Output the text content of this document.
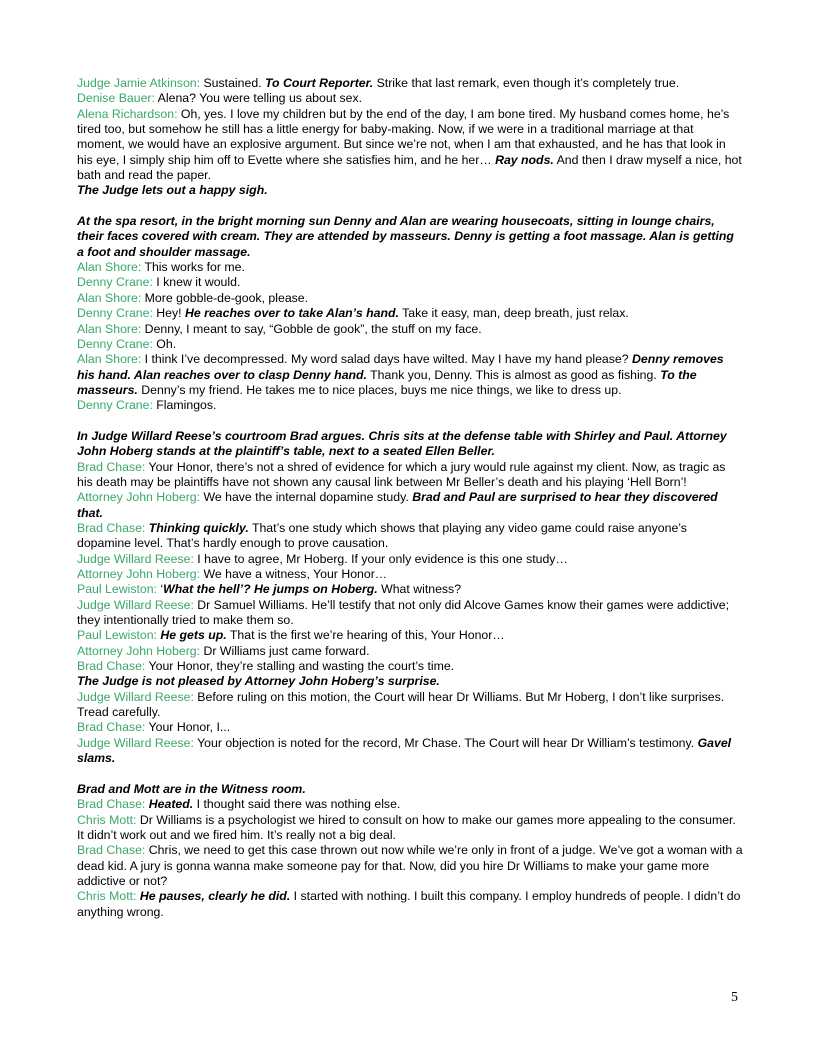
Judge Jamie Atkinson: Sustained. To Court Reporter. Strike that last remark, even though it’s completely true.

Denise Bauer: Alena? You were telling us about sex.

Alena Richardson: Oh, yes. I love my children but by the end of the day, I am bone tired. My husband comes home, he’s tired too, but somehow he still has a little energy for baby-making. Now, if we were in a traditional marriage at that moment, we would have an explosive argument. But since we’re not, when I am that exhausted, and he has that look in his eye, I simply ship him off to Evette where she satisfies him, and he her… Ray nods. And then I draw myself a nice, hot bath and read the paper.

The Judge lets out a happy sigh.

At the spa resort, in the bright morning sun Denny and Alan are wearing housecoats, sitting in lounge chairs, their faces covered with cream. They are attended by masseurs. Denny is getting a foot massage. Alan is getting a foot and shoulder massage.

Alan Shore: This works for me.

Denny Crane: I knew it would.

Alan Shore: More gobble-de-gook, please.

Denny Crane: Hey! He reaches over to take Alan’s hand. Take it easy, man, deep breath, just relax.

Alan Shore: Denny, I meant to say, “Gobble de gook”, the stuff on my face.

Denny Crane: Oh.

Alan Shore: I think I’ve decompressed. My word salad days have wilted. May I have my hand please? Denny removes his hand. Alan reaches over to clasp Denny hand. Thank you, Denny. This is almost as good as fishing. To the masseurs. Denny’s my friend. He takes me to nice places, buys me nice things, we like to dress up.

Denny Crane: Flamingos.

In Judge Willard Reese’s courtroom Brad argues. Chris sits at the defense table with Shirley and Paul. Attorney John Hoberg stands at the plaintiff’s table, next to a seated Ellen Beller.

Brad Chase: Your Honor, there’s not a shred of evidence for which a jury would rule against my client. Now, as tragic as his death may be plaintiffs have not shown any causal link between Mr Beller’s death and his playing ‘Hell Born’!

Attorney John Hoberg: We have the internal dopamine study. Brad and Paul are surprised to hear they discovered that.

Brad Chase: Thinking quickly. That’s one study which shows that playing any video game could raise anyone’s dopamine level. That’s hardly enough to prove causation.

Judge Willard Reese: I have to agree, Mr Hoberg. If your only evidence is this one study…

Attorney John Hoberg: We have a witness, Your Honor…

Paul Lewiston: ‘What the hell’? He jumps on Hoberg. What witness?

Judge Willard Reese: Dr Samuel Williams. He’ll testify that not only did Alcove Games know their games were addictive; they intentionally tried to make them so.

Paul Lewiston: He gets up. That is the first we’re hearing of this, Your Honor…

Attorney John Hoberg: Dr Williams just came forward.

Brad Chase: Your Honor, they’re stalling and wasting the court’s time.

The Judge is not pleased by Attorney John Hoberg’s surprise.

Judge Willard Reese: Before ruling on this motion, the Court will hear Dr Williams. But Mr Hoberg, I don’t like surprises. Tread carefully.

Brad Chase: Your Honor, I...

Judge Willard Reese: Your objection is noted for the record, Mr Chase. The Court will hear Dr William’s testimony. Gavel slams.

Brad and Mott are in the Witness room.

Brad Chase: Heated. I thought said there was nothing else.

Chris Mott: Dr Williams is a psychologist we hired to consult on how to make our games more appealing to the consumer. It didn’t work out and we fired him. It’s really not a big deal.

Brad Chase: Chris, we need to get this case thrown out now while we’re only in front of a judge. We’ve got a woman with a dead kid. A jury is gonna wanna make someone pay for that. Now, did you hire Dr Williams to make your game more addictive or not?

Chris Mott: He pauses, clearly he did. I started with nothing. I built this company. I employ hundreds of people. I didn’t do anything wrong.

5
